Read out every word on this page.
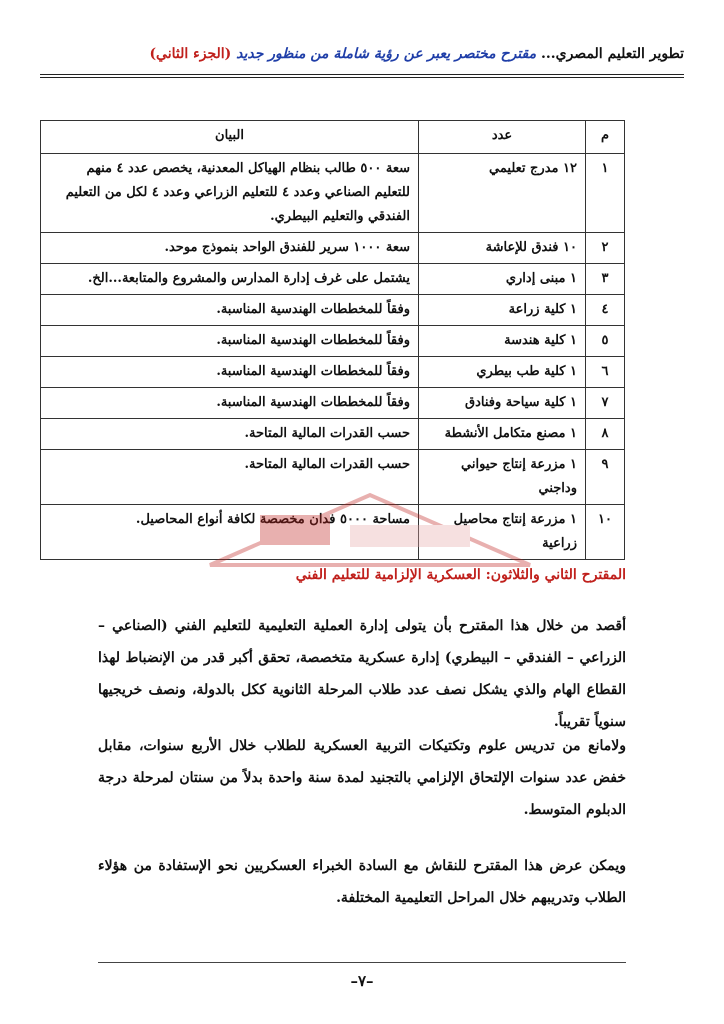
تطوير التعليم المصري... مقترح مختصر يعبر عن رؤية شاملة من منظور جديد (الجزء الثاني)
م	عدد	البيان
١	١٢ مدرج تعليمي	سعة ٥٠٠ طالب بنظام الهياكل المعدنية، يخصص عدد ٤ منهم للتعليم الصناعي وعدد ٤ للتعليم الزراعي وعدد ٤ لكل من التعليم الفندقي والتعليم البيطري.
٢	١٠ فندق للإعاشة	سعة ١٠٠٠ سرير للفندق الواحد بنموذج موحد.
٣	١ مبنى إداري	يشتمل على غرف إدارة المدارس والمشروع والمتابعة...الخ.
٤	١ كلية زراعة	وفقاً للمخططات الهندسية المناسبة.
٥	١ كلية هندسة	وفقاً للمخططات الهندسية المناسبة.
٦	١ كلية طب بيطري	وفقاً للمخططات الهندسية المناسبة.
٧	١ كلية سياحة وفنادق	وفقاً للمخططات الهندسية المناسبة.
٨	١ مصنع متكامل الأنشطة	حسب القدرات المالية المتاحة.
٩	١ مزرعة إنتاج حيواني وداجني	حسب القدرات المالية المتاحة.
١٠	١ مزرعة إنتاج محاصيل زراعية	مساحة ٥٠٠٠ فدان مخصصة لكافة أنواع المحاصيل.
المقترح الثاني والثلاثون: العسكرية الإلزامية للتعليم الفني

أقصد من خلال هذا المقترح بأن يتولى إدارة العملية التعليمية للتعليم الفني (الصناعي – الزراعي – الفندقي – البيطري) إدارة عسكرية متخصصة، تحقق أكبر قدر من الإنضباط لهذا القطاع الهام والذي يشكل نصف عدد طلاب المرحلة الثانوية ككل بالدولة، ونصف خريجيها سنوياً تقريباً.

ولامانع من تدريس علوم وتكتيكات التربية العسكرية للطلاب خلال الأربع سنوات، مقابل خفض عدد سنوات الإلتحاق الإلزامي بالتجنيد لمدة سنة واحدة بدلاً من سنتان لمرحلة درجة الدبلوم المتوسط.

ويمكن عرض هذا المقترح للنقاش مع السادة الخبراء العسكريين نحو الإستفادة من هؤلاء الطلاب وتدريبهم خلال المراحل التعليمية المختلفة.

–٧–
